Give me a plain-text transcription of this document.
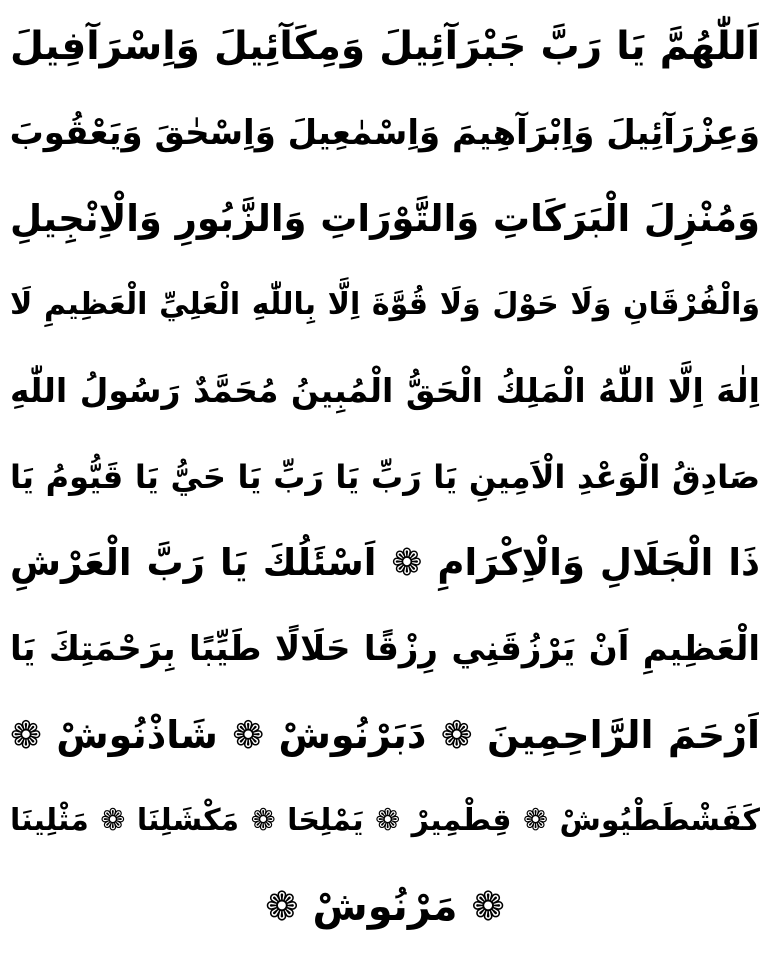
اَللّٰهُمَّ يَا رَبَّ جَبْرَآئِيلَ وَمِكَآئِيلَ وَاِسْرَآفِيلَ
وَعِزْرَآئِيلَ وَاِبْرَآهِيمَ وَاِسْمٰعِيلَ وَاِسْحٰقَ وَيَعْقُوبَ
وَمُنْزِلَ الْبَرَكَاتِ وَالتَّوْرَاتِ وَالزَّبُورِ وَالْاِنْجِيلِ
وَالْفُرْقَانِ وَلَا حَوْلَ وَلَا قُوَّةَ اِلَّا بِاللّٰهِ الْعَلِيِّ الْعَظِيمِ لَا
اِلٰهَ اِلَّا اللّٰهُ الْمَلِكُ الْحَقُّ الْمُبِينُ مُحَمَّدٌ رَسُولُ اللّٰهِ
صَادِقُ الْوَعْدِ الْاَمِينِ يَا رَبِّ يَا رَبِّ يَا حَيُّ يَا قَيُّومُ يَا
ذَا الْجَلَالِ وَالْاِكْرَامِ ❁ اَسْئَلُكَ يَا رَبَّ الْعَرْشِ
الْعَظِيمِ اَنْ يَرْزُقَنِي رِزْقًا حَلَالًا طَيِّبًا بِرَحْمَتِكَ يَا
اَرْحَمَ الرَّاحِمِينَ ❁ دَبَرْنُوشْ ❁ شَاذْنُوشْ ❁
كَفَشْطَطْيُوشْ ❁ قِطْمِيرْ ❁ يَمْلِحَا ❁ مَكْشَلِنَا ❁ مَثْلِينَا
❁ مَرْنُوشْ ❁
